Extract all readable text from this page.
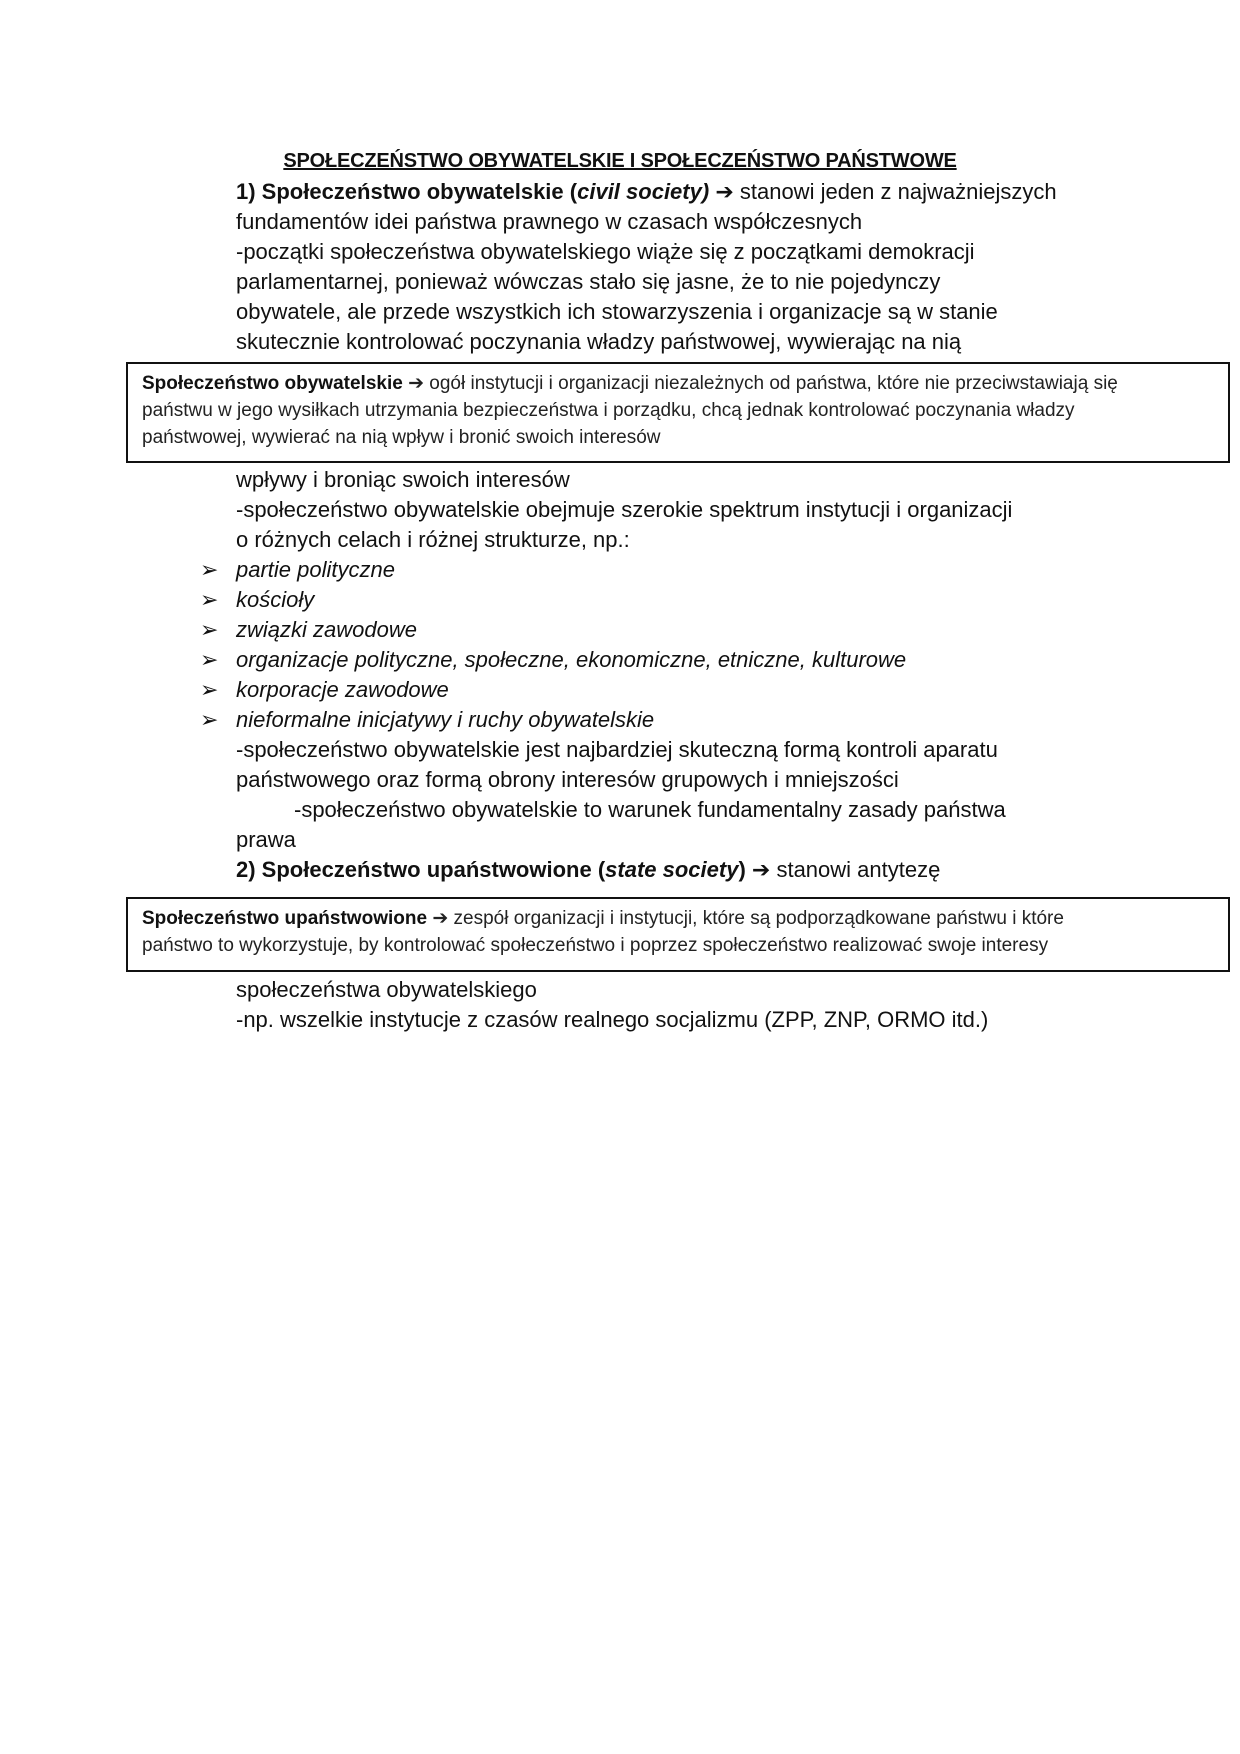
SPOŁECZEŃSTWO OBYWATELSKIE I SPOŁECZEŃSTWO PAŃSTWOWE
1) Społeczeństwo obywatelskie (civil society) ➔ stanowi jeden z najważniejszych
fundamentów idei państwa prawnego w czasach współczesnych
-początki społeczeństwa obywatelskiego wiąże się z początkami demokracji
parlamentarnej, ponieważ wówczas stało się jasne, że to nie pojedynczy
obywatele, ale przede wszystkich ich stowarzyszenia i organizacje są w stanie
skutecznie kontrolować poczynania władzy państwowej, wywierając na nią
Społeczeństwo obywatelskie ➔ ogół instytucji i organizacji niezależnych od państwa, które nie przeciwstawiają się
państwu w jego wysiłkach utrzymania bezpieczeństwa i porządku, chcą jednak kontrolować poczynania władzy
państwowej, wywierać na nią wpływ i bronić swoich interesów
wpływy i broniąc swoich interesów
-społeczeństwo obywatelskie obejmuje szerokie spektrum instytucji i organizacji
o różnych celach i różnej strukturze, np.:
➢ partie polityczne
➢ kościoły
➢ związki zawodowe
➢ organizacje polityczne, społeczne, ekonomiczne, etniczne, kulturowe
➢ korporacje zawodowe
➢ nieformalne inicjatywy i ruchy obywatelskie
-społeczeństwo obywatelskie jest najbardziej skuteczną formą kontroli aparatu
państwowego oraz formą obrony interesów grupowych i mniejszości
-społeczeństwo obywatelskie to warunek fundamentalny zasady państwa
prawa
2) Społeczeństwo upaństwowione (state society) ➔ stanowi antytezę
Społeczeństwo upaństwowione ➔ zespół organizacji i instytucji, które są podporządkowane państwu i które
państwo to wykorzystuje, by kontrolować społeczeństwo i poprzez społeczeństwo realizować swoje interesy
społeczeństwa obywatelskiego
-np. wszelkie instytucje z czasów realnego socjalizmu (ZPP, ZNP, ORMO itd.)
